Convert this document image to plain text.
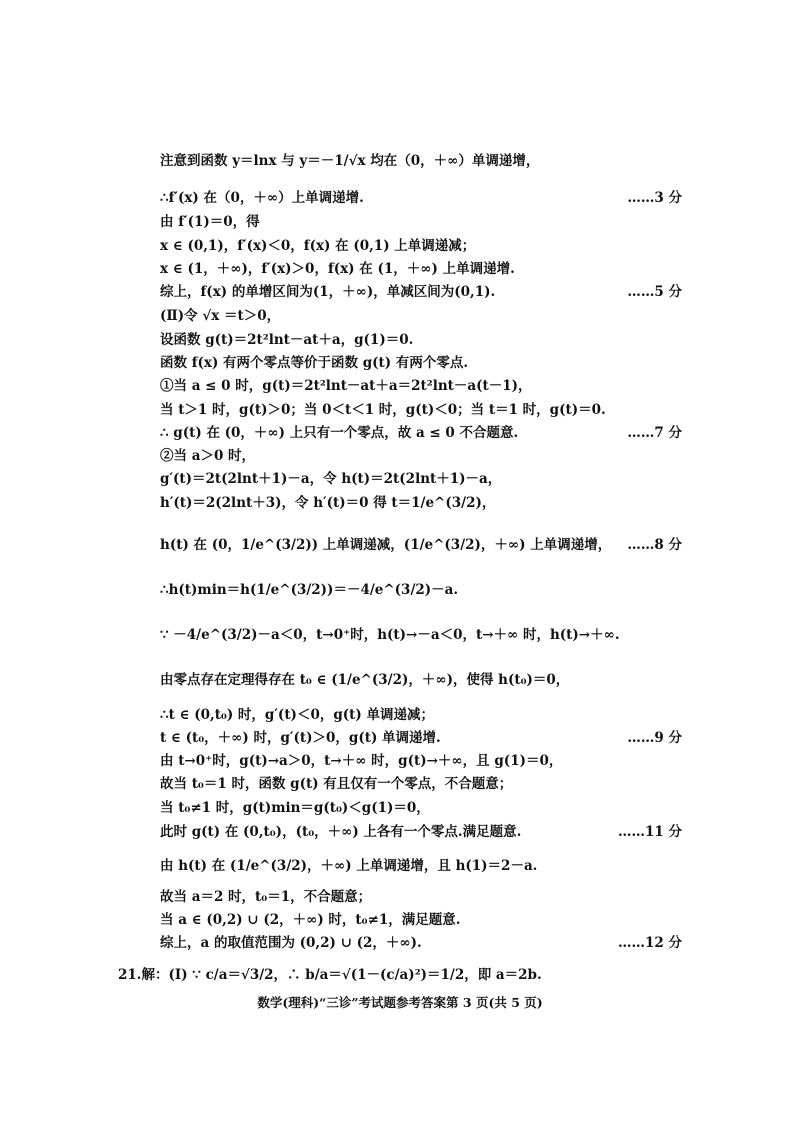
注意到函数 y＝lnx 与 y＝－1/√x 均在（0，＋∞）单调递增，
∴f′(x) 在（0，＋∞）上单调递增.	……3 分
由 f′(1)＝0，得
x ∈ (0,1)，f′(x)＜0，f(x) 在 (0,1) 上单调递减；
x ∈ (1，＋∞)，f′(x)＞0，f(x) 在 (1，＋∞) 上单调递增.
综上，f(x) 的单增区间为(1，＋∞)，单减区间为(0,1).	……5 分
(Ⅱ)令 √x ＝t＞0，
设函数 g(t)＝2t²lnt－at＋a，g(1)＝0.
函数 f(x) 有两个零点等价于函数 g(t) 有两个零点.
①当 a ≤ 0 时，g(t)＝2t²lnt－at＋a＝2t²lnt－a(t－1)，
当 t＞1 时，g(t)＞0；当 0＜t＜1 时，g(t)＜0；当 t＝1 时，g(t)＝0.
∴ g(t) 在 (0，＋∞) 上只有一个零点，故 a ≤ 0 不合题意.	……7 分
②当 a＞0 时，
g′(t)＝2t(2lnt＋1)－a，令 h(t)＝2t(2lnt＋1)－a，
h′(t)＝2(2lnt＋3)，令 h′(t)＝0 得 t＝1/e^(3/2)，
h(t) 在 (0，1/e^(3/2)) 上单调递减，(1/e^(3/2)，＋∞) 上单调递增，	……8 分
∴h(t)min＝h(1/e^(3/2))＝－4/e^(3/2)－a.
∵ －4/e^(3/2)－a＜0，t→0⁺时，h(t)→－a＜0，t→＋∞ 时，h(t)→＋∞.
由零点存在定理得存在 t₀ ∈ (1/e^(3/2)，＋∞)，使得 h(t₀)＝0，
∴t ∈ (0,t₀) 时，g′(t)＜0，g(t) 单调递减；
t ∈ (t₀，＋∞) 时，g′(t)＞0，g(t) 单调递增.	……9 分
由 t→0⁺时，g(t)→a＞0，t→＋∞ 时，g(t)→＋∞，且 g(1)＝0，
故当 t₀＝1 时，函数 g(t) 有且仅有一个零点，不合题意；
当 t₀≠1 时，g(t)min＝g(t₀)＜g(1)＝0，
此时 g(t) 在 (0,t₀)，(t₀，＋∞) 上各有一个零点.满足题意.	……11 分
由 h(t) 在 (1/e^(3/2)，＋∞) 上单调递增，且 h(1)＝2－a.
故当 a＝2 时，t₀＝1，不合题意；
当 a ∈ (0,2) ∪ (2，＋∞) 时，t₀≠1，满足题意.
综上，a 的取值范围为 (0,2) ∪ (2，＋∞).	……12 分
21.解：(Ⅰ) ∵ c/a＝√3/2，∴ b/a＝√(1－(c/a)²)＝1/2，即 a＝2b.
数学(理科)“三诊”考试题参考答案第 3 页(共 5 页)
